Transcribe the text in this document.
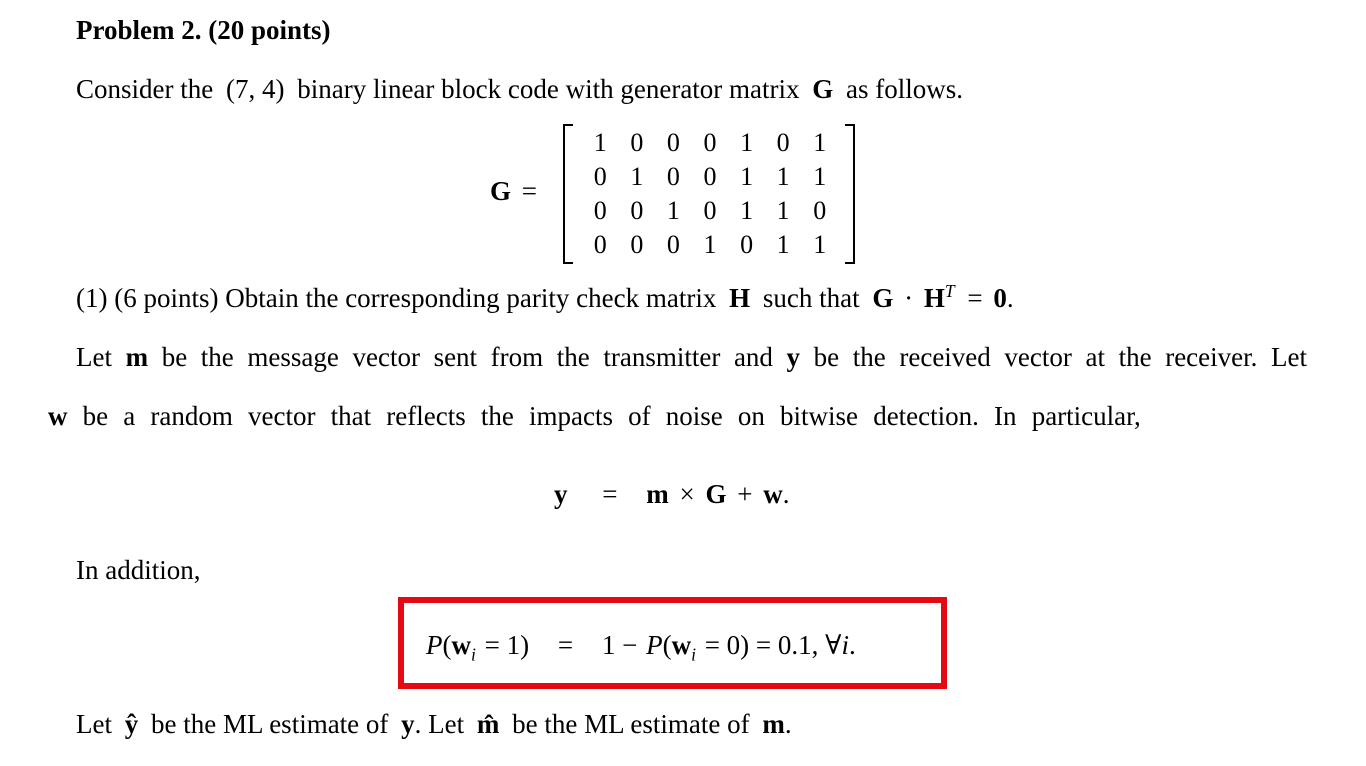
Problem 2. (20 points)
Consider the (7, 4) binary linear block code with generator matrix G as follows.
G =
1 0 0 0 1 0 1
0 1 0 0 1 1 1
0 0 1 0 1 1 0
0 0 0 1 0 1 1
(1) (6 points) Obtain the corresponding parity check matrix H such that $G \cdot H^T = 0$.
Let m be the message vector sent from the transmitter and y be the received vector at the receiver. Let
w be a random vector that reflects the impacts of noise on bitwise detection. In particular,
y = m × G + w.
In addition,
$P(w_i = 1) = 1 - P(w_i = 0) = 0.1$, ∀i.
Let ŷ be the ML estimate of y. Let m̂ be the ML estimate of m.
